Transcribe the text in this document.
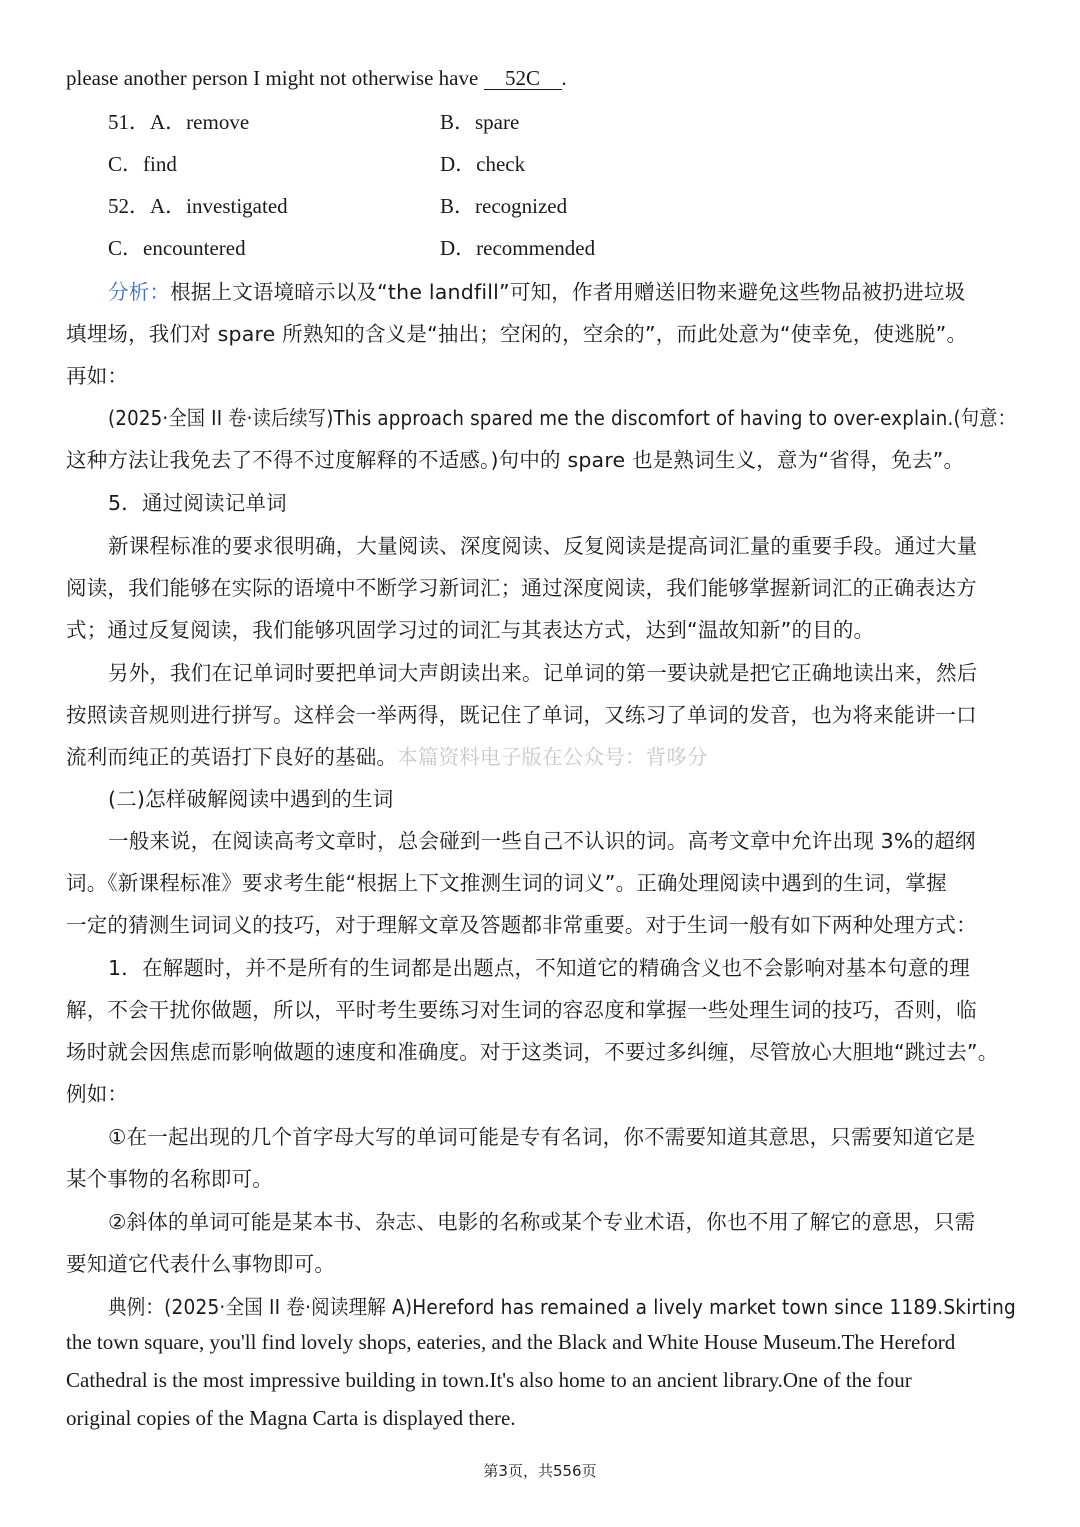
please another person I might not otherwise have 52C .
51．A．remove	B．spare
C．find	D．check
52．A．investigated	B．recognized
C．encountered	D．recommended
分析：根据上文语境暗示以及“the landfill”可知，作者用赠送旧物来避免这些物品被扔进垃圾
填埋场，我们对 spare 所熟知的含义是“抽出；空闲的，空余的”，而此处意为“使幸免，使逃脱”。
再如：
(2025·全国 II 卷·读后续写)This approach spared me the discomfort of having to over-explain.(句意：
这种方法让我免去了不得不过度解释的不适感。)句中的 spare 也是熟词生义，意为“省得，免去”。
5．通过阅读记单词
新课程标准的要求很明确，大量阅读、深度阅读、反复阅读是提高词汇量的重要手段。通过大量
阅读，我们能够在实际的语境中不断学习新词汇；通过深度阅读，我们能够掌握新词汇的正确表达方
式；通过反复阅读，我们能够巩固学习过的词汇与其表达方式，达到“温故知新”的目的。
另外，我们在记单词时要把单词大声朗读出来。记单词的第一要诀就是把它正确地读出来，然后
按照读音规则进行拼写。这样会一举两得，既记住了单词，又练习了单词的发音，也为将来能讲一口
流利而纯正的英语打下良好的基础。本篇资料电子版在公众号：背哆分
(二)怎样破解阅读中遇到的生词
一般来说，在阅读高考文章时，总会碰到一些自己不认识的词。高考文章中允许出现 3%的超纲
词。《新课程标准》要求考生能“根据上下文推测生词的词义”。正确处理阅读中遇到的生词，掌握
一定的猜测生词词义的技巧，对于理解文章及答题都非常重要。对于生词一般有如下两种处理方式：
1．在解题时，并不是所有的生词都是出题点，不知道它的精确含义也不会影响对基本句意的理
解，不会干扰你做题，所以，平时考生要练习对生词的容忍度和掌握一些处理生词的技巧，否则，临
场时就会因焦虑而影响做题的速度和准确度。对于这类词，不要过多纠缠，尽管放心大胆地“跳过去”。
例如：
①在一起出现的几个首字母大写的单词可能是专有名词，你不需要知道其意思，只需要知道它是
某个事物的名称即可。
②斜体的单词可能是某本书、杂志、电影的名称或某个专业术语，你也不用了解它的意思，只需
要知道它代表什么事物即可。
典例：(2025·全国 II 卷·阅读理解 A)Hereford has remained a lively market town since 1189.Skirting
the town square, you'll find lovely shops, eateries, and the Black and White House Museum.The Hereford
Cathedral is the most impressive building in town.It's also home to an ancient library.One of the four
original copies of the Magna Carta is displayed there.
第3页，共556页
